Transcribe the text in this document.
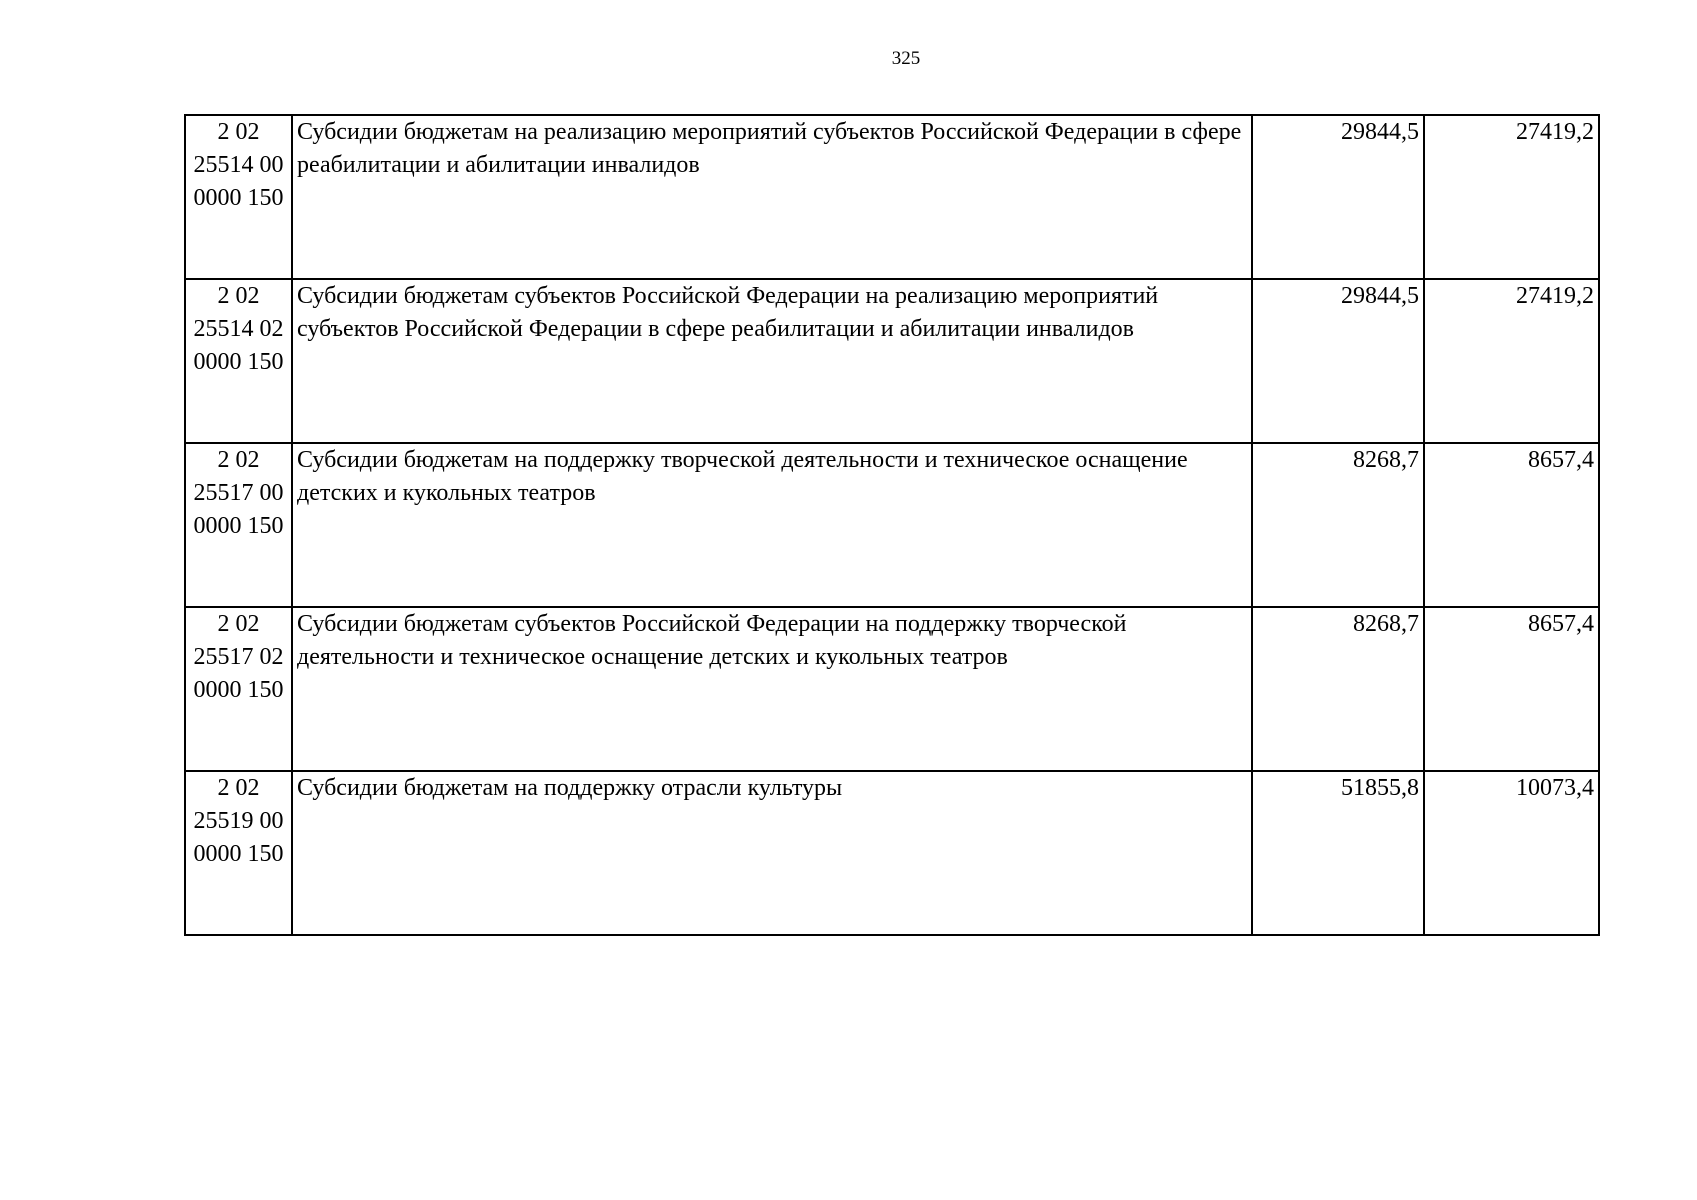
325
2 02
25514 00
0000 150	Субсидии бюджетам на реализацию мероприятий субъектов Российской Федерации в сфере реабилитации и абилитации инвалидов	29844,5	27419,2

2 02
25514 02
0000 150	Субсидии бюджетам субъектов Российской Федерации на реализацию мероприятий субъектов Российской Федерации в сфере реабилитации и абилитации инвалидов	29844,5	27419,2

2 02
25517 00
0000 150	Субсидии бюджетам на поддержку творческой деятельности и техническое оснащение детских и кукольных театров	8268,7	8657,4

2 02
25517 02
0000 150	Субсидии бюджетам субъектов Российской Федерации на поддержку творческой деятельности и техническое оснащение детских и кукольных театров	8268,7	8657,4

2 02
25519 00
0000 150	Субсидии бюджетам на поддержку отрасли культуры	51855,8	10073,4
